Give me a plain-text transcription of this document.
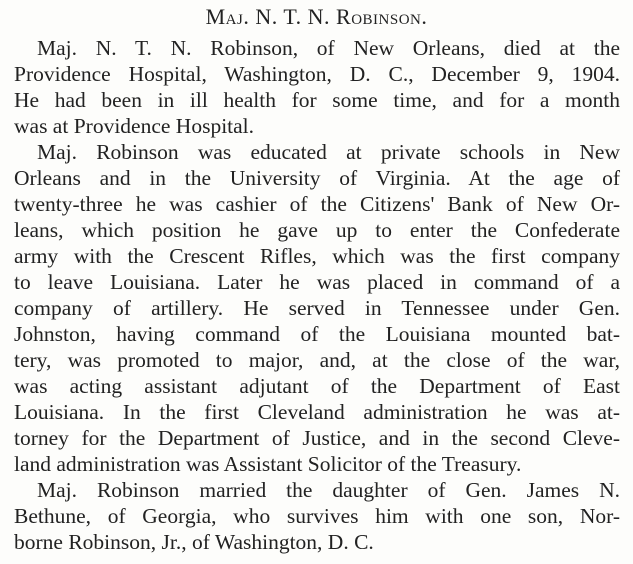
Maj. N. T. N. Robinson.
Maj. N. T. N. Robinson, of New Orleans, died at the
Providence Hospital, Washington, D. C., December 9, 1904.
He had been in ill health for some time, and for a month
was at Providence Hospital.
Maj. Robinson was educated at private schools in New
Orleans and in the University of Virginia. At the age of
twenty-three he was cashier of the Citizens' Bank of New Or-
leans, which position he gave up to enter the Confederate
army with the Crescent Rifles, which was the first company
to leave Louisiana. Later he was placed in command of a
company of artillery. He served in Tennessee under Gen.
Johnston, having command of the Louisiana mounted bat-
tery, was promoted to major, and, at the close of the war,
was acting assistant adjutant of the Department of East
Louisiana. In the first Cleveland administration he was at-
torney for the Department of Justice, and in the second Cleve-
land administration was Assistant Solicitor of the Treasury.
Maj. Robinson married the daughter of Gen. James N.
Bethune, of Georgia, who survives him with one son, Nor-
borne Robinson, Jr., of Washington, D. C.
